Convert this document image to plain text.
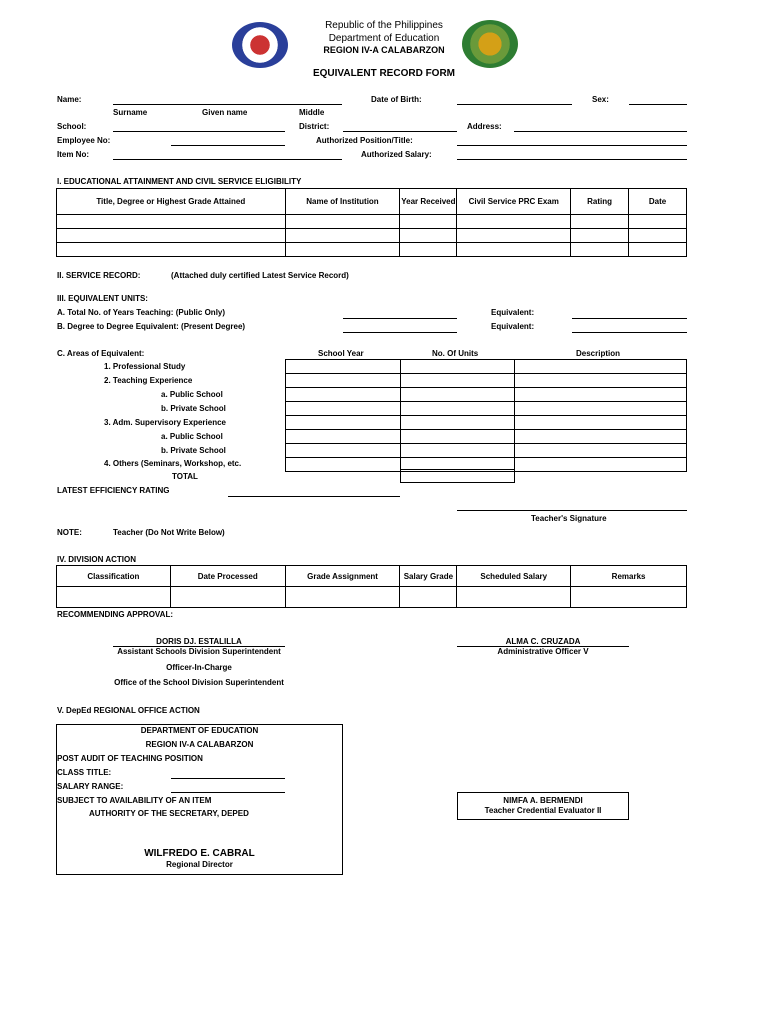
Republic of the Philippines
Department of Education
REGION IV-A CALABARZON
EQUIVALENT RECORD FORM
Name:	Date of Birth:	Sex:
Surname	Given name	Middle
School:	District:	Address:
Employee No:	Authorized Position/Title:
Item No:	Authorized Salary:
I. EDUCATIONAL ATTAINMENT AND CIVIL SERVICE ELIGIBILITY
Title, Degree or Highest Grade Attained	Name of Institution	Year Received	Civil Service PRC Exam	Rating	Date

II. SERVICE RECORD:	(Attached duly certified Latest Service Record)
III. EQUIVALENT UNITS:
A. Total No. of Years Teaching: (Public Only)	Equivalent:
B. Degree to Degree Equivalent: (Present Degree)	Equivalent:
C. Areas of Equivalent:	School Year	No. Of Units	Description
1. Professional Study
2. Teaching Experience
a. Public School
b. Private School
3. Adm. Supervisory Experience
a. Public School
b. Private School
4. Others (Seminars, Workshop, etc.
TOTAL

LATEST EFFICIENCY RATING
Teacher's Signature
NOTE:	Teacher (Do Not Write Below)
IV. DIVISION ACTION
Classification	Date Processed	Grade Assignment	Salary Grade	Scheduled Salary	Remarks

RECOMMENDING APPROVAL:
DORIS DJ. ESTALILLA
Assistant Schools Division Superintendent
Officer-In-Charge
Office of the School Division Superintendent
ALMA C. CRUZADA
Administrative Officer V
V. DepEd REGIONAL OFFICE ACTION
DEPARTMENT OF EDUCATION
REGION IV-A CALABARZON
POST AUDIT OF TEACHING POSITION
CLASS TITLE:
SALARY RANGE:
SUBJECT TO AVAILABILITY OF AN ITEM
AUTHORITY OF THE SECRETARY, DEPED
WILFREDO E. CABRAL
Regional Director
NIMFA A. BERMENDI
Teacher Credential Evaluator II
